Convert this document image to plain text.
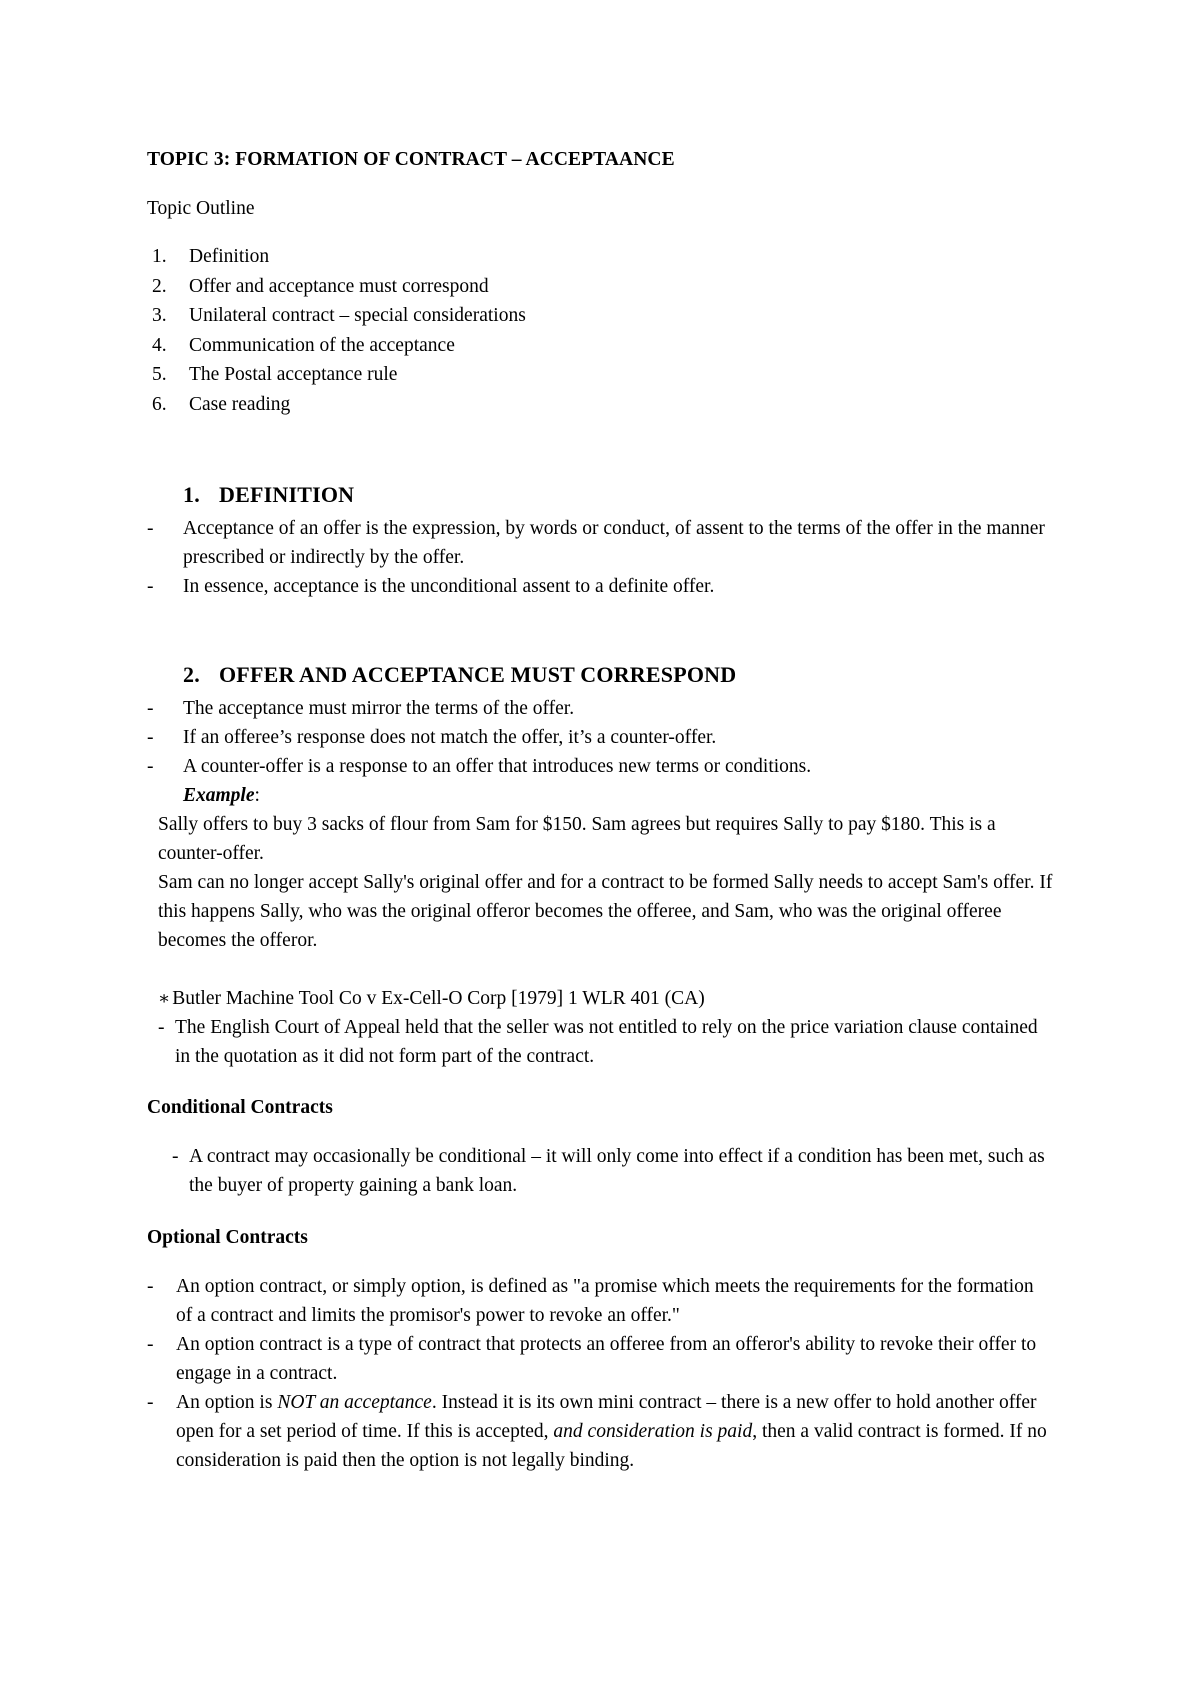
TOPIC 3: FORMATION OF CONTRACT – ACCEPTAANCE
Topic Outline
1. Definition
2. Offer and acceptance must correspond
3. Unilateral contract – special considerations
4. Communication of the acceptance
5. The Postal acceptance rule
6. Case reading
1. DEFINITION
- Acceptance of an offer is the expression, by words or conduct, of assent to the terms of the offer in the manner prescribed or indirectly by the offer.
- In essence, acceptance is the unconditional assent to a definite offer.
2. OFFER AND ACCEPTANCE MUST CORRESPOND
- The acceptance must mirror the terms of the offer.
- If an offeree’s response does not match the offer, it’s a counter-offer.
- A counter-offer is a response to an offer that introduces new terms or conditions.
Example:
Sally offers to buy 3 sacks of flour from Sam for $150. Sam agrees but requires Sally to pay $180. This is a counter-offer.
Sam can no longer accept Sally's original offer and for a contract to be formed Sally needs to accept Sam's offer. If this happens Sally, who was the original offeror becomes the offeree, and Sam, who was the original offeree becomes the offeror.
∗ Butler Machine Tool Co v Ex-Cell-O Corp [1979] 1 WLR 401 (CA)
- The English Court of Appeal held that the seller was not entitled to rely on the price variation clause contained in the quotation as it did not form part of the contract.
Conditional Contracts
- A contract may occasionally be conditional – it will only come into effect if a condition has been met, such as the buyer of property gaining a bank loan.
Optional Contracts
- An option contract, or simply option, is defined as "a promise which meets the requirements for the formation of a contract and limits the promisor's power to revoke an offer."
- An option contract is a type of contract that protects an offeree from an offeror's ability to revoke their offer to engage in a contract.
- An option is NOT an acceptance. Instead it is its own mini contract – there is a new offer to hold another offer open for a set period of time. If this is accepted, and consideration is paid, then a valid contract is formed. If no consideration is paid then the option is not legally binding.
